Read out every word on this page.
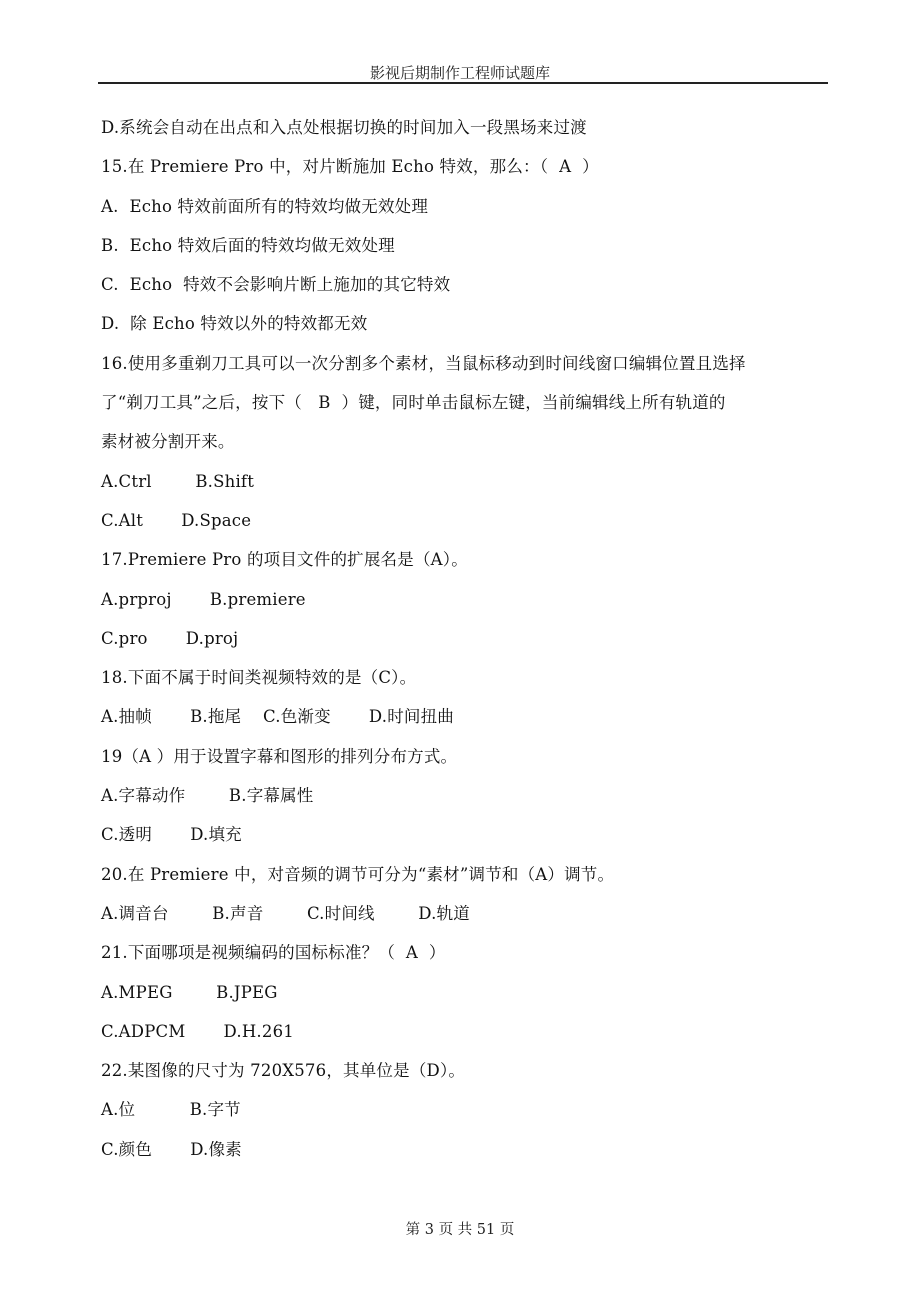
影视后期制作工程师试题库
D.系统会自动在出点和入点处根据切换的时间加入一段黑场来过渡
15.在 Premiere Pro 中，对片断施加 Echo 特效，那么：（  A  ）
A.  Echo 特效前面所有的特效均做无效处理
B.  Echo 特效后面的特效均做无效处理
C.  Echo  特效不会影响片断上施加的其它特效
D.  除 Echo 特效以外的特效都无效
16.使用多重剃刀工具可以一次分割多个素材，当鼠标移动到时间线窗口编辑位置且选择
了“剃刀工具”之后，按下（   B  ）键，同时单击鼠标左键，当前编辑线上所有轨道的
素材被分割开来。
A.Ctrl        B.Shift
C.Alt       D.Space
17.Premiere Pro 的项目文件的扩展名是（A）。
A.prproj       B.premiere
C.pro       D.proj
18.下面不属于时间类视频特效的是（C）。
A.抽帧       B.拖尾    C.色渐变       D.时间扭曲
19（A ）用于设置字幕和图形的排列分布方式。
A.字幕动作        B.字幕属性
C.透明       D.填充
20.在 Premiere 中，对音频的调节可分为“素材”调节和（A）调节。
A.调音台        B.声音        C.时间线        D.轨道
21.下面哪项是视频编码的国标标准？（  A  ）
A.MPEG        B.JPEG
C.ADPCM       D.H.261
22.某图像的尺寸为 720X576，其单位是（D）。
A.位          B.字节
C.颜色       D.像素
第 3 页 共 51 页
